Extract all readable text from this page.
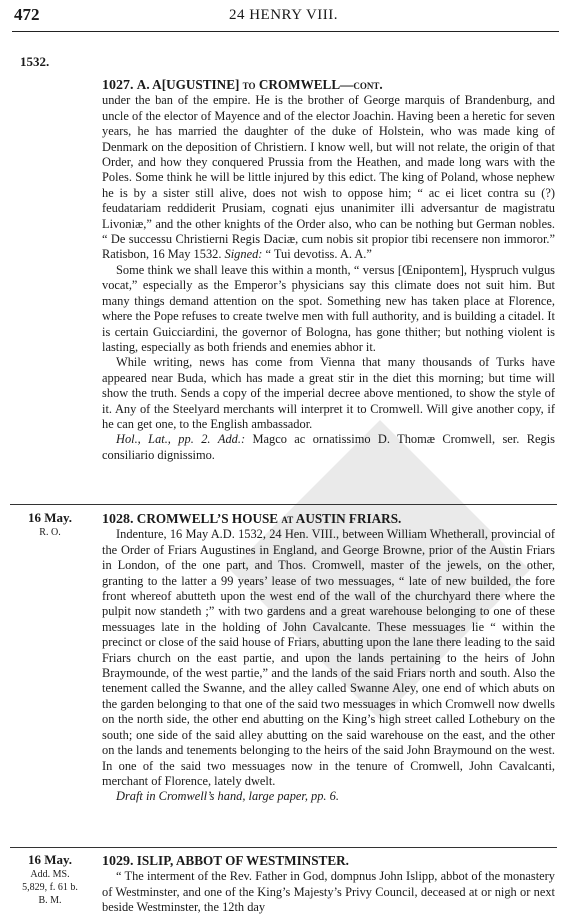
472	24 HENRY VIII.
1532.

1027. A. A[UGUSTINE] to CROMWELL—cont.

under the ban of the empire. He is the brother of George marquis of Brandenburg, and uncle of the elector of Mayence and of the elector Joachin. Having been a heretic for seven years, he has married the daughter of the duke of Holstein, who was made king of Denmark on the deposition of Christiern. I know well, but will not relate, the origin of that Order, and how they conquered Prussia from the Heathen, and made long wars with the Poles. Some think he will be little injured by this edict. The king of Poland, whose nephew he is by a sister still alive, does not wish to oppose him; “ ac ei licet contra su (?) feudatariam reddiderit Prusiam, cognati ejus unanimiter illi adversantur de magistratu Livoniæ,” and the other knights of the Order also, who can be nothing but German nobles. “ De successu Christierni Regis Daciæ, cum nobis sit propior tibi recensere non immoror.” Ratisbon, 16 May 1532. Signed: “ Tui devotiss. A. A.”

Some think we shall leave this within a month, “ versus [Œnipontem], Hyspruch vulgus vocat,” especially as the Emperor’s physicians say this climate does not suit him. But many things demand attention on the spot. Something new has taken place at Florence, where the Pope refuses to create twelve men with full authority, and is building a citadel. It is certain Guicciardini, the governor of Bologna, has gone thither; but nothing violent is lasting, especially as both friends and enemies abhor it.

While writing, news has come from Vienna that many thousands of Turks have appeared near Buda, which has made a great stir in the diet this morning; but time will show the truth. Sends a copy of the imperial decree above mentioned, to show the style of it. Any of the Steelyard merchants will interpret it to Cromwell. Will give another copy, if he can get one, to the English ambassador.

Hol., Lat., pp. 2. Add.: Magco ac ornatissimo D. Thomæ Cromwell, ser. Regis consiliario dignissimo.

16 May.
R. O.

1028. CROMWELL’S HOUSE at AUSTIN FRIARS.

Indenture, 16 May A.D. 1532, 24 Hen. VIII., between William Whetherall, provincial of the Order of Friars Augustines in England, and George Browne, prior of the Austin Friars in London, of the one part, and Thos. Cromwell, master of the jewels, on the other, granting to the latter a 99 years’ lease of two messuages, “ late of new builded, the fore front whereof abutteth upon the west end of the wall of the churchyard there where the pulpit now standeth ;” with two gardens and a great warehouse belonging to one of these messuages late in the holding of John Cavalcante. These messuages lie “ within the precinct or close of the said house of Friars, abutting upon the lane there leading to the said Friars church on the east partie, and upon the lands pertaining to the heirs of John Braymounde, of the west partie,” and the lands of the said Friars north and south. Also the tenement called the Swanne, and the alley called Swanne Aley, one end of which abuts on the garden belonging to that one of the said two messuages in which Cromwell now dwells on the north side, the other end abutting on the King’s high street called Lothebury on the south; one side of the said alley abutting on the said warehouse on the east, and the other on the lands and tenements belonging to the heirs of the said John Braymound on the west. In one of the said two messuages now in the tenure of Cromwell, John Cavalcanti, merchant of Florence, lately dwelt.

Draft in Cromwell’s hand, large paper, pp. 6.

16 May.
Add. MS.
5,829, f. 61 b.
B. M.

1029. ISLIP, ABBOT OF WESTMINSTER.

“ The interment of the Rev. Father in God, dompnus John Islipp, abbot of the monastery of Westminster, and one of the King’s Majesty’s Privy Council, deceased at or nigh or next beside Westminster, the 12th day
